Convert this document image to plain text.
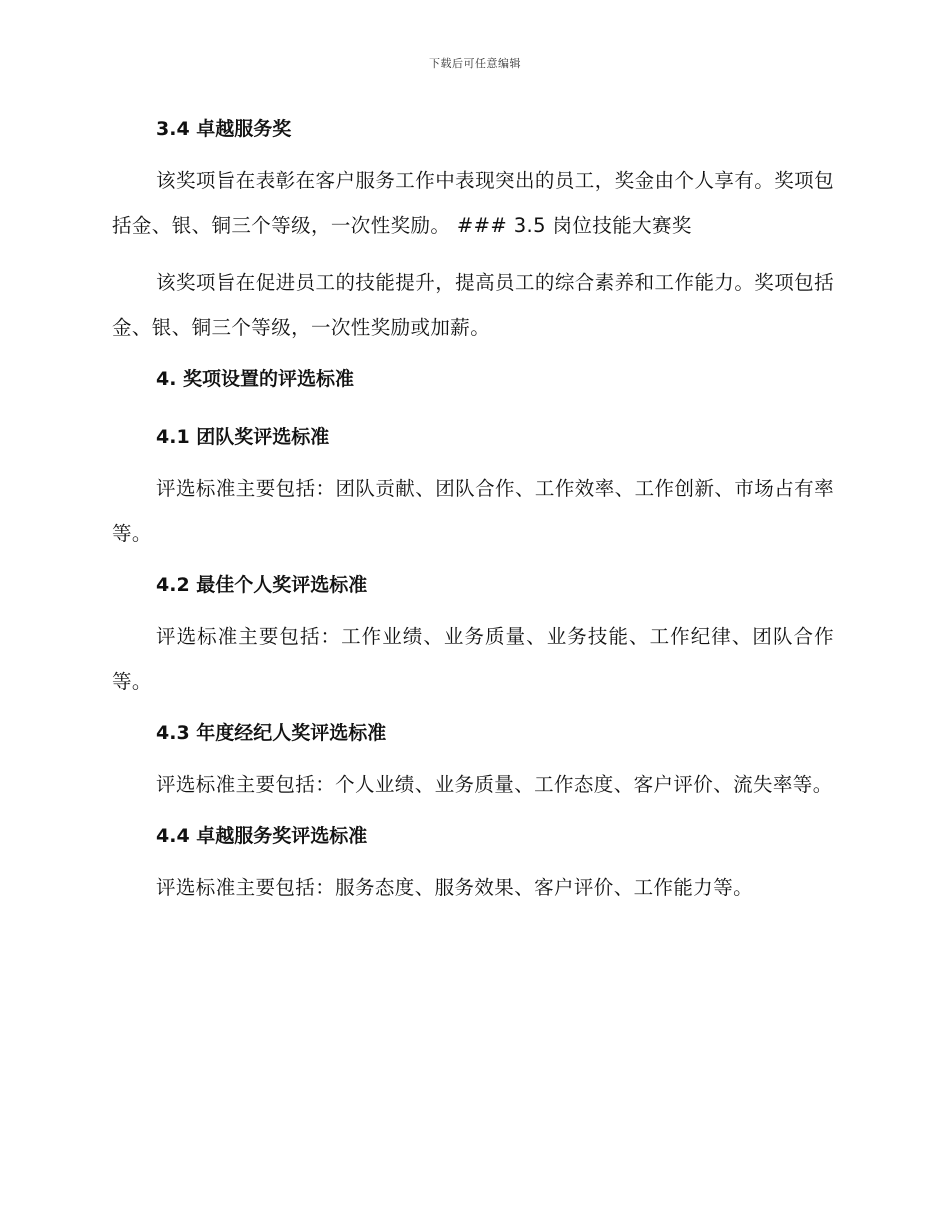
下载后可任意编辑
3.4 卓越服务奖

该奖项旨在表彰在客户服务工作中表现突出的员工，奖金由个人享有。奖项包括金、银、铜三个等级，一次性奖励。 ### 3.5 岗位技能大赛奖

该奖项旨在促进员工的技能提升，提高员工的综合素养和工作能力。奖项包括金、银、铜三个等级，一次性奖励或加薪。

4. 奖项设置的评选标准
4.1 团队奖评选标准

评选标准主要包括：团队贡献、团队合作、工作效率、工作创新、市场占有率等。

4.2 最佳个人奖评选标准

评选标准主要包括：工作业绩、业务质量、业务技能、工作纪律、团队合作等。

4.3 年度经纪人奖评选标准

评选标准主要包括：个人业绩、业务质量、工作态度、客户评价、流失率等。

4.4 卓越服务奖评选标准

评选标准主要包括：服务态度、服务效果、客户评价、工作能力等。
